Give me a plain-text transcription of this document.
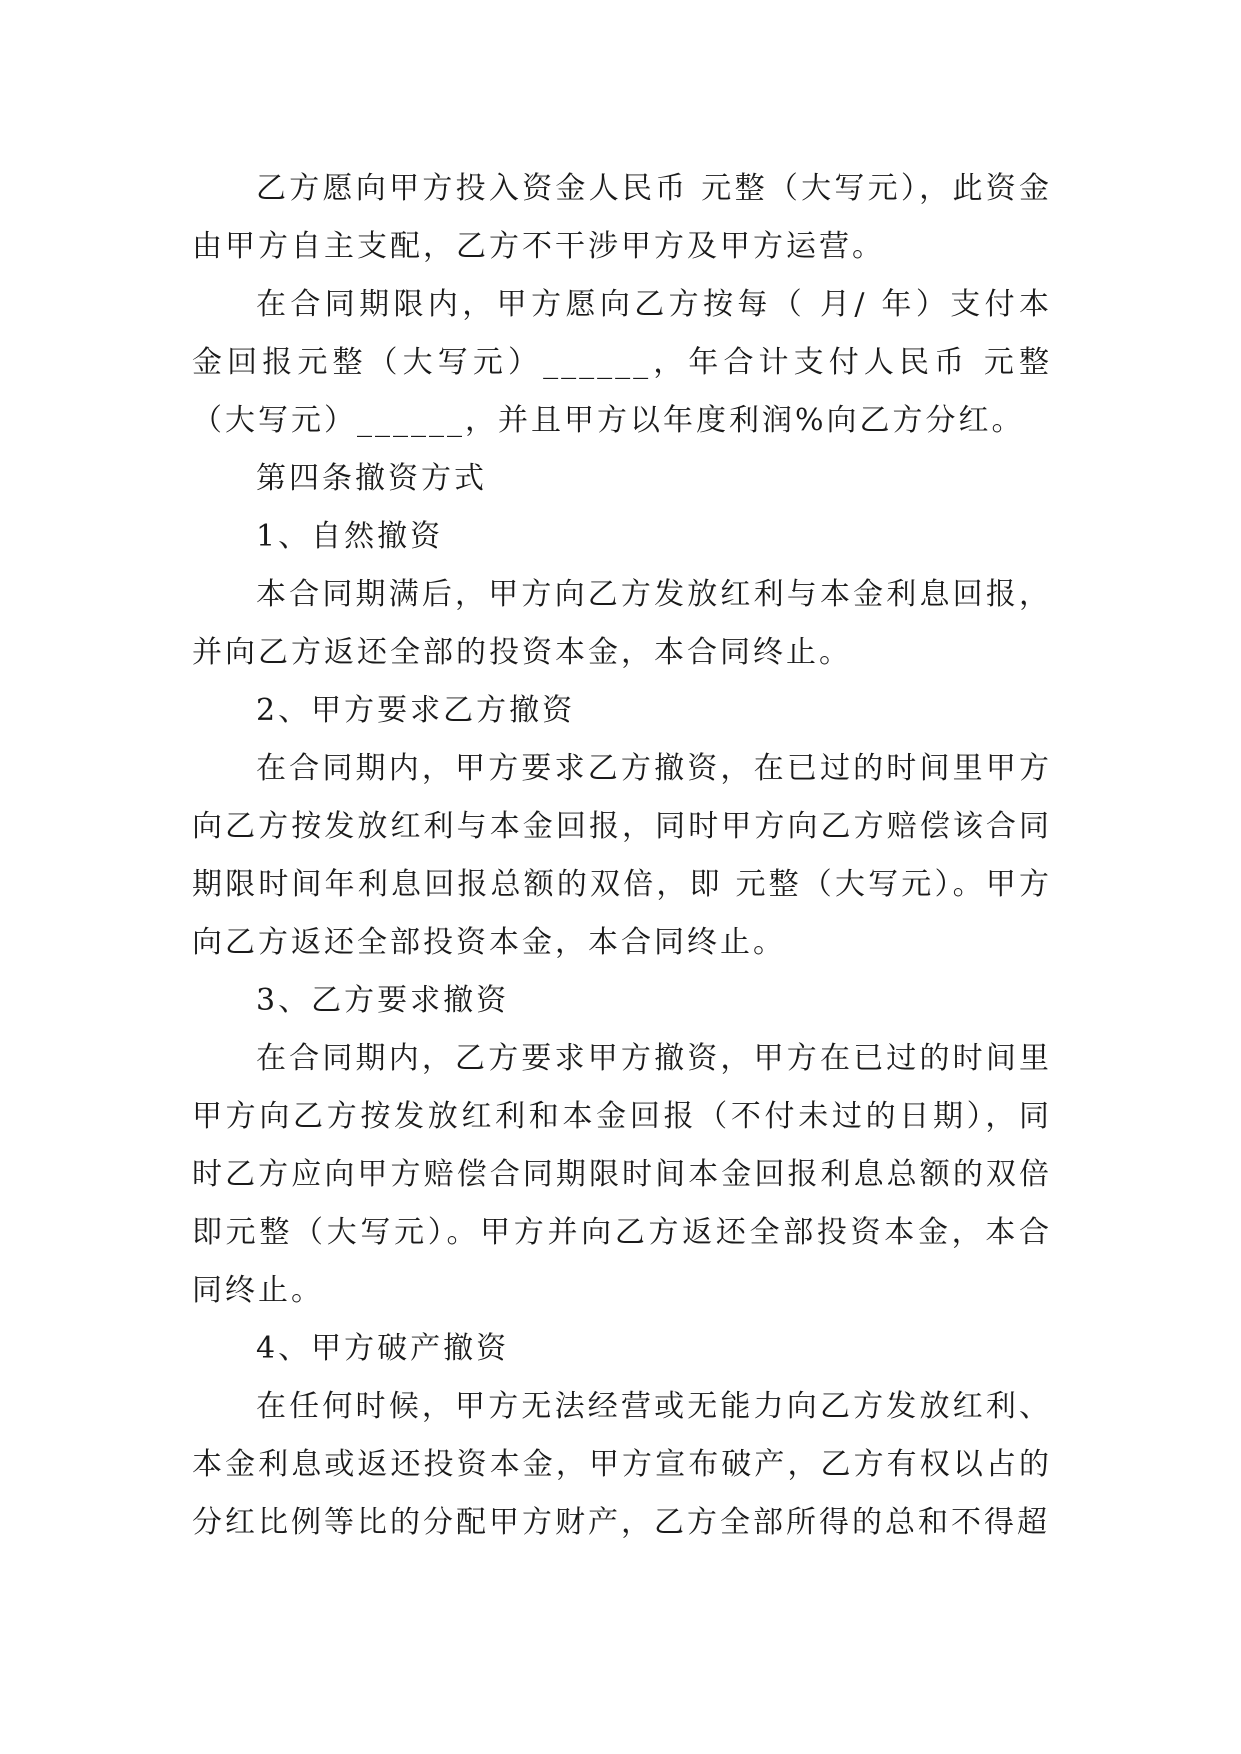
乙方愿向甲方投入资金人民币 元整（大写元），此资金由甲方自主支配，乙方不干涉甲方及甲方运营。

在合同期限内，甲方愿向乙方按每（ 月/ 年）支付本金回报元整（大写元）______，年合计支付人民币 元整（大写元）______，并且甲方以年度利润%向乙方分红。

第四条撤资方式

1、自然撤资

本合同期满后，甲方向乙方发放红利与本金利息回报，并向乙方返还全部的投资本金，本合同终止。

2、甲方要求乙方撤资

在合同期内，甲方要求乙方撤资，在已过的时间里甲方向乙方按发放红利与本金回报，同时甲方向乙方赔偿该合同期限时间年利息回报总额的双倍，即 元整（大写元）。甲方向乙方返还全部投资本金，本合同终止。

3、乙方要求撤资

在合同期内，乙方要求甲方撤资，甲方在已过的时间里甲方向乙方按发放红利和本金回报（不付未过的日期），同时乙方应向甲方赔偿合同期限时间本金回报利息总额的双倍即元整（大写元）。甲方并向乙方返还全部投资本金，本合同终止。

4、甲方破产撤资

在任何时候，甲方无法经营或无能力向乙方发放红利、本金利息或返还投资本金，甲方宣布破产，乙方有权以占的分红比例等比的分配甲方财产，乙方全部所得的总和不得超
